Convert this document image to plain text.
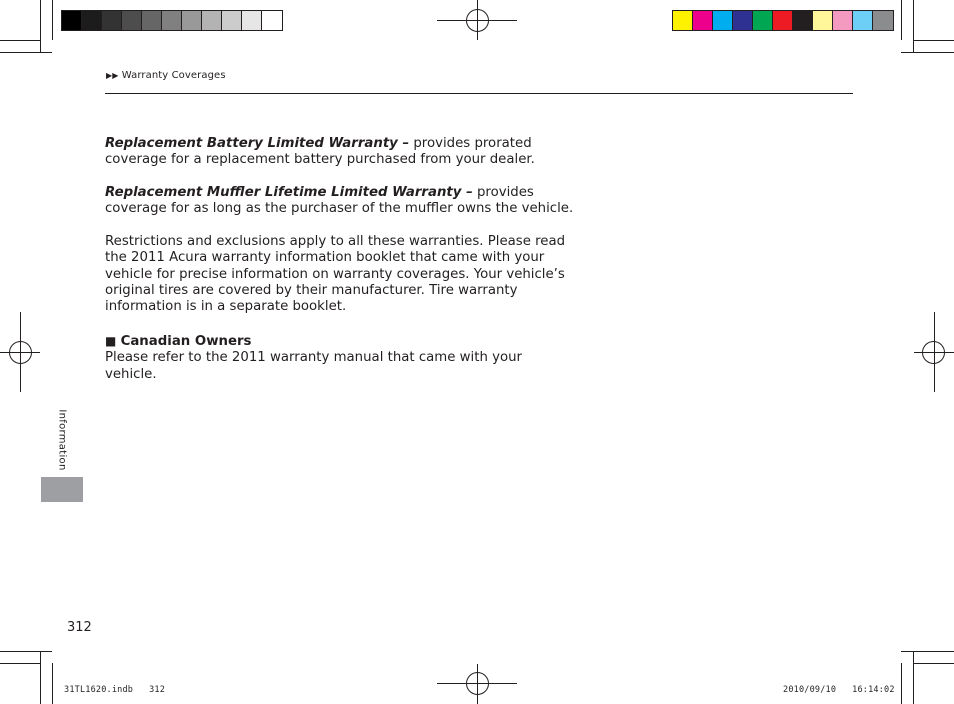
▶▶ Warranty Coverages
Replacement Battery Limited Warranty – provides prorated coverage for a replacement battery purchased from your dealer.
Replacement Muffler Lifetime Limited Warranty – provides coverage for as long as the purchaser of the muffler owns the vehicle.
Restrictions and exclusions apply to all these warranties. Please read the 2011 Acura warranty information booklet that came with your vehicle for precise information on warranty coverages. Your vehicle’s original tires are covered by their manufacturer. Tire warranty information is in a separate booklet.
■ Canadian Owners
Please refer to the 2011 warranty manual that came with your vehicle.
Information
312
31TL1620.indb   312	2010/09/10   16:14:02
